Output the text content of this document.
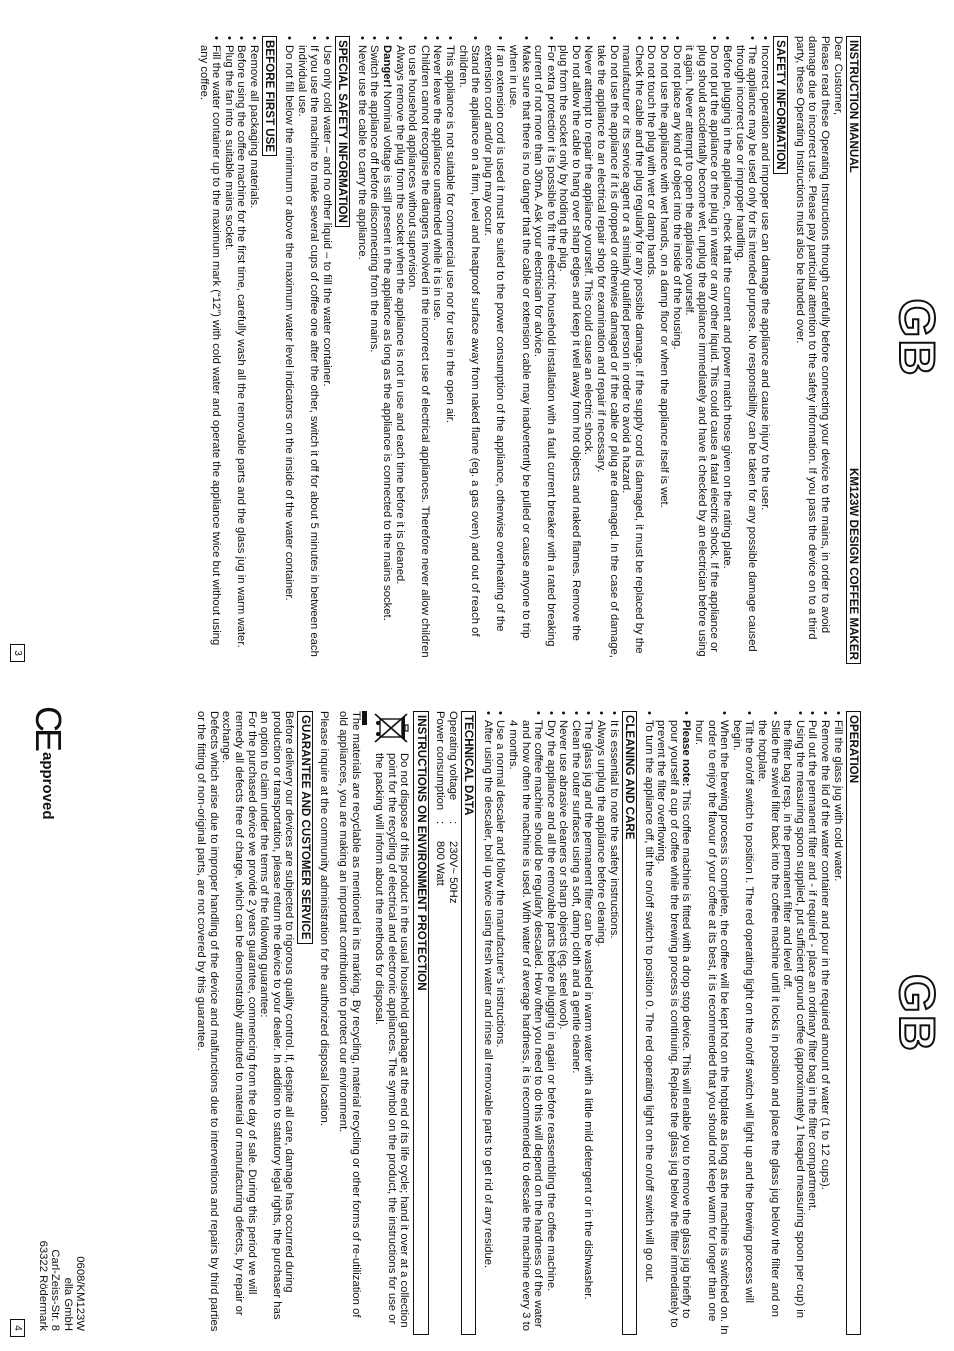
GB
INSTRUCTION MANUAL
KM123W DESIGN COFFEE MAKER

Dear Customer,

Please read these Operating Instructions through carefully before connecting your device to the mains, in order to avoid damage due to incorrect use. Please pay particular attention to the safety information. If you pass the device on to a third party, these Operating Instructions must also be handed over.

SAFETY INFORMATION
• Incorrect operation and improper use can damage the appliance and cause injury to the user.
• The appliance may be used only for its intended purpose. No responsibility can be taken for any possible damage caused through incorrect use or improper handling.
• Before plugging in the appliance, check that the current and power match those given on the rating plate.
• Do not put the appliance or the plug in water or any other liquid. This could cause a fatal electric shock. If the appliance or plug should accidentally become wet, unplug the appliance immediately and have it checked by an electrician before using it again. Never attempt to open the appliance yourself.
• Do not place any kind of object into the inside of the housing.
• Do not use the appliance with wet hands, on a damp floor or when the appliance itself is wet.
• Do not touch the plug with wet or damp hands.
• Check the cable and the plug regularly for any possible damage. If the supply cord is damaged, it must be replaced by the manufacturer or its service agent or a similarly qualified person in order to avoid a hazard.
• Do not use the appliance if it is dropped or otherwise damaged or if the cable or plug are damaged. In the case of damage, take the appliance to an electrical repair shop for examination and repair if necessary.
• Never attempt to repair the appliance yourself. This could cause an electric shock.
• Do not allow the cable to hang over sharp edges and keep it well away from hot objects and naked flames. Remove the plug from the socket only by holding the plug.
• For extra protection it is possible to fit the electric household installation with a fault current breaker with a rated breaking current of not more than 30mA. Ask your electrician for advice.
• Make sure that there is no danger that the cable or extension cable may inadvertently be pulled or cause anyone to trip when in use.
• If an extension cord is used it must be suited to the power consumption of the appliance, otherwise overheating of the extension cord and/or plug may occur.
• Stand the appliance on a firm, level and heatproof surface away from naked flame (eg. a gas oven) and out of reach of children.
• This appliance is not suitable for commercial use nor for use in the open air.
• Never leave the appliance unattended while it is in use.
• Children cannot recognise the dangers involved in the incorrect use of electrical appliances. Therefore never allow children to use household appliances without supervision.
• Always remove the plug from the socket when the appliance is not in use and each time before it is cleaned.
• Danger! Nominal voltage is still present in the appliance as long as the appliance is connected to the mains socket.
• Switch the appliance off before disconnecting from the mains.
• Never use the cable to carry the appliance.
SPECIAL SAFETY INFORMATION
• Use only cold water – and no other liquid – to fill the water container.
• If you use the machine to make several cups of coffee one after the other, switch it off for about 5 minutes in between each individual use.
• Do not fill below the minimum or above the maximum water level indicators on the inside of the water container.
BEFORE FIRST USE
• Remove all packaging materials.
• Before using the coffee machine for the first time, carefully wash all the removable parts and the glass jug in warm water.
• Plug the fan into a suitable mains socket.
• Fill the water container up to the maximum mark (“12”) with cold water and operate the appliance twice but without using any coffee.
3
GB
OPERATION
• Fill the glass jug with cold water.
• Remove the lid of the water container and pour in the required amount of water (1 to 12 cups).
• Pull out the permanent filter and - if required - place an ordinary filter bag in the filter compartment.
• Using the measuring spoon supplied, put sufficient ground coffee (approximately 1 heaped measuring spoon per cup) in the filter bag resp. in the permanent filter and level off.
• Slide the swivel filter back into the coffee machine until it locks in position and place the glass jug below the filter and on the hotplate.
• Tilt the on/off switch to position I. The red operating light on the on/off switch will light up and the brewing process will begin.
• When the brewing process is complete, the coffee will be kept hot on the hotplate as long as the machine is switched on. In order to enjoy the flavour of your coffee at its best, it is recommended that you should not keep warm for longer than one hour.
• Please note: This coffee machine is fitted with a drop stop device. This will enable you to remove the glass jug briefly to pour yourself a cup of coffee while the brewing process is continuing. Replace the glass jug below the filter immediately to prevent the filter overflowing.
• To turn the appliance off, tilt the on/off switch to position 0. The red operating light on the on/off switch will go out.
CLEANING AND CARE
• It is essential to note the safety instructions.
• Always unplug the appliance before cleaning.
• The glass jug and the permanent filter can be washed in warm water with a little mild detergent or in the dishwasher.
• Clean the outer surfaces using a soft, damp cloth and a gentle cleaner.
• Never use abrasive cleaners or sharp objects (eg. steel wool).
• Dry the appliance and all the removable parts before plugging in again or before reassembling the coffee machine.
• The coffee machine should be regularly descaled. How often you need to do this will depend on the hardness of the water and how often the machine is used. With water of average hardness, it is recommended to descale the machine every 3 to 4 months.
• Use a normal descaler and follow the manufacturer’s instructions.
• After using the descaler, boil up twice using fresh water and rinse all removable parts to get rid of any residue.
TECHNICAL DATA
Operating voltage
:
230V~ 50Hz
Power consumption
:
800 Watt
INSTRUCTIONS ON ENVIRONMENT PROTECTION

Do not dispose of this product in the usual household garbage at the end of its life cycle; hand it over at a collection point for the recycling of electrical and electronic appliances. The symbol on the product, the instructions for use or the packing will inform about the methods for disposal.

The materials are recyclable as mentioned in its marking. By recycling, material recycling or other forms of re-utilization of old appliances, you are making an important contribution to protect our environment.

Please inquire at the community administration for the authorized disposal location.

GUARANTEE AND CUSTOMER SERVICE

Before delivery our devices are subjected to rigorous quality control. If, despite all care, damage has occurred during production or transportation, please return the device to your dealer. In addition to statutory legal rights, the purchaser has an option to claim under the terms of the following guarantee:

For the purchased device we provide 2 years guarantee, commencing from the day of sale. During this period we will remedy all defects free of charge, which can be demonstrably attributed to material or manufacturing defects, by repair or exchange.

Defects which arise due to improper handling of the device and malfunctions due to interventions and repairs by third parties or the fitting of non-original parts, are not covered by this guarantee.

CE
approved
0608/KM123W
ella GmbH
Carl-Zeiss-Str. 8
63322 Rödermark
4
